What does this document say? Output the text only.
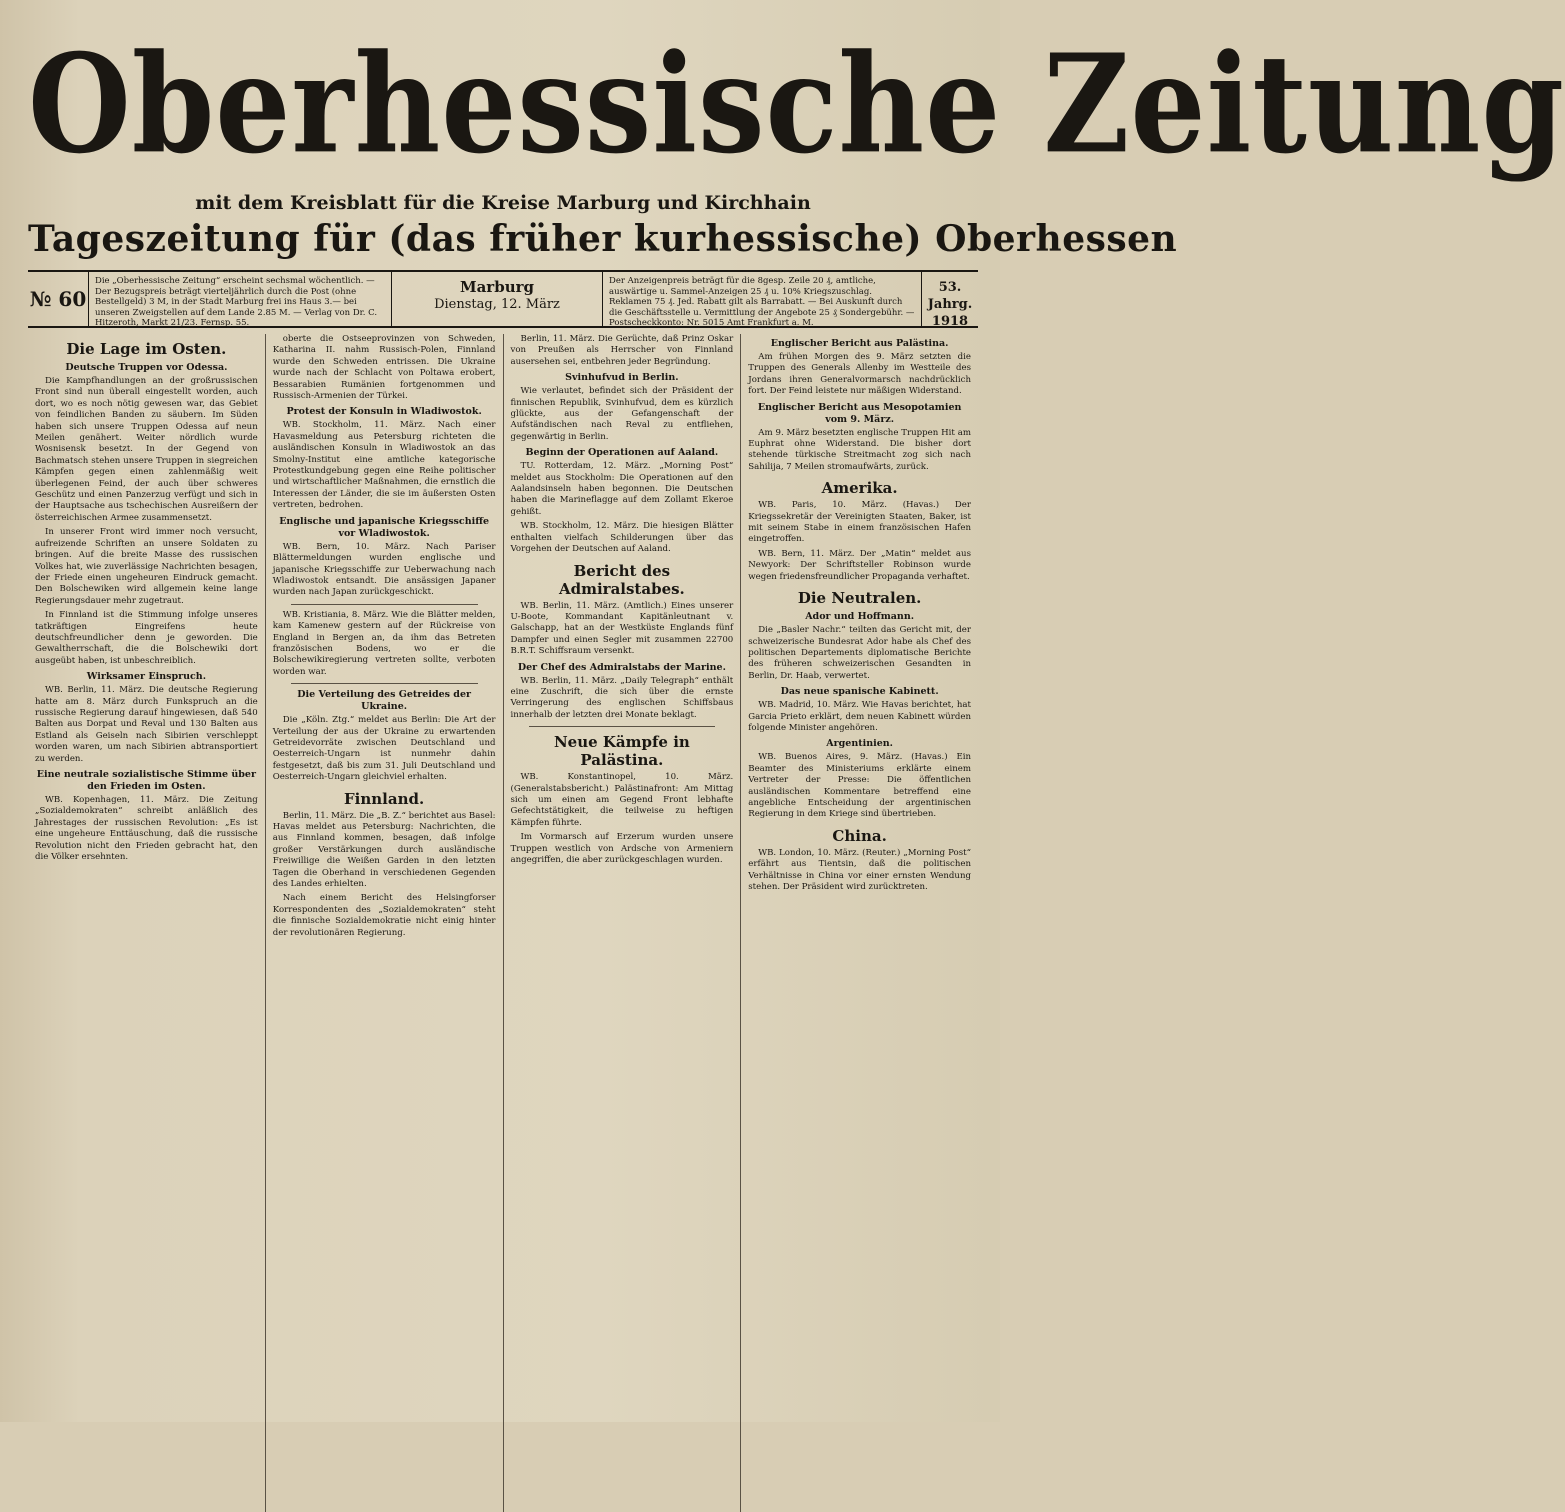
Oberhessische Zeitung
mit dem Kreisblatt für die Kreise Marburg und Kirchhain
Tageszeitung für (das früher kurhessische) Oberhessen
№ 60
Die „Oberhessische Zeitung“ erscheint sechsmal wöchentlich. — Der Bezugspreis beträgt vierteljährlich durch die Post (ohne Bestellgeld) 3 M, in der Stadt Marburg frei ins Haus 3.— bei unseren Zweigstellen auf dem Lande 2.85 M. — Verlag von Dr. C. Hitzeroth, Markt 21/23. Fernsp. 55.
Marburg
Dienstag, 12. März
Der Anzeigenpreis beträgt für die 8gesp. Zeile 20 ₰, amtliche, auswärtige u. Sammel-Anzeigen 25 ₰ u. 10% Kriegszuschlag. Reklamen 75 ₰. Jed. Rabatt gilt als Barrabatt. — Bei Auskunft durch die Geschäftsstelle u. Vermittlung der Angebote 25 ₰ Sondergebühr. — Postscheckkonto: Nr. 5015 Amt Frankfurt a. M.
53. Jahrg.
1918
Die Lage im Osten.
Deutsche Truppen vor Odessa.

Die Kampfhandlungen an der großrussischen Front sind nun überall eingestellt worden, auch dort, wo es noch nötig gewesen war, das Gebiet von feindlichen Banden zu säubern. Im Süden haben sich unsere Truppen Odessa auf neun Meilen genähert. Weiter nördlich wurde Wosnisensk besetzt. In der Gegend von Bachmatsch stehen unsere Truppen in siegreichen Kämpfen gegen einen zahlenmäßig weit überlegenen Feind, der auch über schweres Geschütz und einen Panzerzug verfügt und sich in der Hauptsache aus tschechischen Ausreißern der österreichischen Armee zusammensetzt.

In unserer Front wird immer noch versucht, aufreizende Schriften an unsere Soldaten zu bringen. Auf die breite Masse des russischen Volkes hat, wie zuverlässige Nachrichten besagen, der Friede einen ungeheuren Eindruck gemacht. Den Bolschewiken wird allgemein keine lange Regierungsdauer mehr zugetraut.

In Finnland ist die Stimmung infolge unseres tatkräftigen Eingreifens heute deutschfreundlicher denn je geworden. Die Gewaltherrschaft, die die Bolschewiki dort ausgeübt haben, ist unbeschreiblich.

Wirksamer Einspruch.

WB. Berlin, 11. März. Die deutsche Regierung hatte am 8. März durch Funkspruch an die russische Regierung darauf hingewiesen, daß 540 Balten aus Dorpat und Reval und 130 Balten aus Estland als Geiseln nach Sibirien verschleppt worden waren, um nach Sibirien abtransportiert zu werden.

Eine neutrale sozialistische Stimme über den Frieden im Osten.

WB. Kopenhagen, 11. März. Die Zeitung „Sozialdemokraten“ schreibt anläßlich des Jahrestages der russischen Revolution: „Es ist eine ungeheure Enttäuschung, daß die russische Revolution nicht den Frieden gebracht hat, den die Völker ersehnten.

oberte die Ostseeprovinzen von Schweden, Katharina II. nahm Russisch-Polen, Finnland wurde den Schweden entrissen. Die Ukraine wurde nach der Schlacht von Poltawa erobert, Bessarabien Rumänien fortgenommen und Russisch-Armenien der Türkei.

Protest der Konsuln in Wladiwostok.

WB. Stockholm, 11. März. Nach einer Havasmeldung aus Petersburg richteten die ausländischen Konsuln in Wladiwostok an das Smolny-Institut eine amtliche kategorische Protestkundgebung gegen eine Reihe politischer und wirtschaftlicher Maßnahmen, die ernstlich die Interessen der Länder, die sie im äußersten Osten vertreten, bedrohen.

Englische und japanische Kriegsschiffe vor Wladiwostok.

WB. Bern, 10. März. Nach Pariser Blättermeldungen wurden englische und japanische Kriegsschiffe zur Ueberwachung nach Wladiwostok entsandt. Die ansässigen Japaner wurden nach Japan zurückgeschickt.

WB. Kristiania, 8. März. Wie die Blätter melden, kam Kamenew gestern auf der Rückreise von England in Bergen an, da ihm das Betreten französischen Bodens, wo er die Bolschewikiregierung vertreten sollte, verboten worden war.

Die Verteilung des Getreides der Ukraine.

Die „Köln. Ztg.“ meldet aus Berlin: Die Art der Verteilung der aus der Ukraine zu erwartenden Getreidevorräte zwischen Deutschland und Oesterreich-Ungarn ist nunmehr dahin festgesetzt, daß bis zum 31. Juli Deutschland und Oesterreich-Ungarn gleichviel erhalten.

Finnland.

Berlin, 11. März. Die „B. Z.“ berichtet aus Basel: Havas meldet aus Petersburg: Nachrichten, die aus Finnland kommen, besagen, daß infolge großer Verstärkungen durch ausländische Freiwillige die Weißen Garden in den letzten Tagen die Oberhand in verschiedenen Gegenden des Landes erhielten.

Nach einem Bericht des Helsingforser Korrespondenten des „Sozialdemokraten“ steht die finnische Sozialdemokratie nicht einig hinter der revolutionären Regierung.

Berlin, 11. März. Die Gerüchte, daß Prinz Oskar von Preußen als Herrscher von Finnland ausersehen sei, entbehren jeder Begründung.

Svinhufvud in Berlin.

Wie verlautet, befindet sich der Präsident der finnischen Republik, Svinhufvud, dem es kürzlich glückte, aus der Gefangenschaft der Aufständischen nach Reval zu entfliehen, gegenwärtig in Berlin.

Beginn der Operationen auf Aaland.

TU. Rotterdam, 12. März. „Morning Post“ meldet aus Stockholm: Die Operationen auf den Aalandsinseln haben begonnen. Die Deutschen haben die Marineflagge auf dem Zollamt Ekeroe gehißt.

WB. Stockholm, 12. März. Die hiesigen Blätter enthalten vielfach Schilderungen über das Vorgehen der Deutschen auf Aaland.

Bericht des Admiralstabes.

WB. Berlin, 11. März. (Amtlich.) Eines unserer U-Boote, Kommandant Kapitänleutnant v. Galschapp, hat an der Westküste Englands fünf Dampfer und einen Segler mit zusammen 22700 B.R.T. Schiffsraum versenkt.

Der Chef des Admiralstabs der Marine.

WB. Berlin, 11. März. „Daily Telegraph“ enthält eine Zuschrift, die sich über die ernste Verringerung des englischen Schiffsbaus innerhalb der letzten drei Monate beklagt.

Neue Kämpfe in Palästina.

WB. Konstantinopel, 10. März. (Generalstabsbericht.) Palästinafront: Am Mittag sich um einen am Gegend Front lebhafte Gefechtstätigkeit, die teilweise zu heftigen Kämpfen führte.

Im Vormarsch auf Erzerum wurden unsere Truppen westlich von Ardsche von Armeniern angegriffen, die aber zurückgeschlagen wurden.

Englischer Bericht aus Palästina.

Am frühen Morgen des 9. März setzten die Truppen des Generals Allenby im Westteile des Jordans ihren Generalvormarsch nachdrücklich fort. Der Feind leistete nur mäßigen Widerstand.

Englischer Bericht aus Mesopotamien vom 9. März.

Am 9. März besetzten englische Truppen Hit am Euphrat ohne Widerstand. Die bisher dort stehende türkische Streitmacht zog sich nach Sahilija, 7 Meilen stromaufwärts, zurück.

Amerika.

WB. Paris, 10. März. (Havas.) Der Kriegssekretär der Vereinigten Staaten, Baker, ist mit seinem Stabe in einem französischen Hafen eingetroffen.

WB. Bern, 11. März. Der „Matin“ meldet aus Newyork: Der Schriftsteller Robinson wurde wegen friedensfreundlicher Propaganda verhaftet.

Die Neutralen.
Ador und Hoffmann.

Die „Basler Nachr.“ teilten das Gericht mit, der schweizerische Bundesrat Ador habe als Chef des politischen Departements diplomatische Berichte des früheren schweizerischen Gesandten in Berlin, Dr. Haab, verwertet.

Das neue spanische Kabinett.

WB. Madrid, 10. März. Wie Havas berichtet, hat Garcia Prieto erklärt, dem neuen Kabinett würden folgende Minister angehören.

Argentinien.

WB. Buenos Aires, 9. März. (Havas.) Ein Beamter des Ministeriums erklärte einem Vertreter der Presse: Die öffentlichen ausländischen Kommentare betreffend eine angebliche Entscheidung der argentinischen Regierung in dem Kriege sind übertrieben.

China.

WB. London, 10. März. (Reuter.) „Morning Post“ erfährt aus Tientsin, daß die politischen Verhältnisse in China vor einer ernsten Wendung stehen. Der Präsident wird zurücktreten.
